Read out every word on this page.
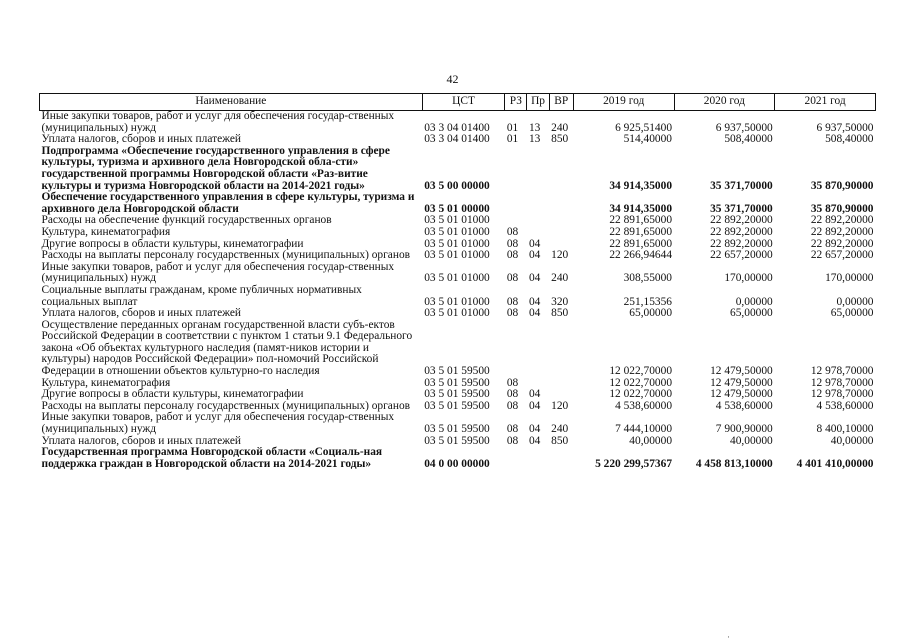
42
Наименование	ЦСТ	РЗ	Пр	ВР	2019 год	2020 год	2021 год
Иные закупки товаров, работ и услуг для обеспечения государ-ственных (муниципальных) нужд	03 3 04 01400	01	13	240	6 925,51400	6 937,50000	6 937,50000
Уплата налогов, сборов и иных платежей	03 3 04 01400	01	13	850	514,40000	508,40000	508,40000
Подпрограмма «Обеспечение государственного управления в сфере культуры, туризма и архивного дела Новгородской обла-сти» государственной программы Новгородской области «Раз-витие культуры и туризма Новгородской области на 2014-2021 годы»	03 5 00 00000				34 914,35000	35 371,70000	35 870,90000
Обеспечение государственного управления в сфере культуры, туризма и архивного дела Новгородской области	03 5 01 00000				34 914,35000	35 371,70000	35 870,90000
Расходы на обеспечение функций государственных органов	03 5 01 01000				22 891,65000	22 892,20000	22 892,20000
Культура, кинематография	03 5 01 01000	08			22 891,65000	22 892,20000	22 892,20000
Другие вопросы в области культуры, кинематографии	03 5 01 01000	08	04		22 891,65000	22 892,20000	22 892,20000
Расходы на выплаты персоналу государственных (муниципальных) органов	03 5 01 01000	08	04	120	22 266,94644	22 657,20000	22 657,20000
Иные закупки товаров, работ и услуг для обеспечения государ-ственных (муниципальных) нужд	03 5 01 01000	08	04	240	308,55000	170,00000	170,00000
Социальные выплаты гражданам, кроме публичных нормативных социальных выплат	03 5 01 01000	08	04	320	251,15356	0,00000	0,00000
Уплата налогов, сборов и иных платежей	03 5 01 01000	08	04	850	65,00000	65,00000	65,00000
Осуществление переданных органам государственной власти субъ-ектов Российской Федерации в соответствии с пунктом 1 статьи 9.1 Федерального закона «Об объектах культурного наследия (памят-ников истории и культуры) народов Российской Федерации» пол-номочий Российской Федерации в отношении объектов культурно-го наследия	03 5 01 59500				12 022,70000	12 479,50000	12 978,70000
Культура, кинематография	03 5 01 59500	08			12 022,70000	12 479,50000	12 978,70000
Другие вопросы в области культуры, кинематографии	03 5 01 59500	08	04		12 022,70000	12 479,50000	12 978,70000
Расходы на выплаты персоналу государственных (муниципальных) органов	03 5 01 59500	08	04	120	4 538,60000	4 538,60000	4 538,60000
Иные закупки товаров, работ и услуг для обеспечения государ-ственных (муниципальных) нужд	03 5 01 59500	08	04	240	7 444,10000	7 900,90000	8 400,10000
Уплата налогов, сборов и иных платежей	03 5 01 59500	08	04	850	40,00000	40,00000	40,00000
Государственная программа Новгородской области «Социаль-ная поддержка граждан в Новгородской области на 2014-2021 годы»	04 0 00 00000				5 220 299,57367	4 458 813,10000	4 401 410,00000
·
